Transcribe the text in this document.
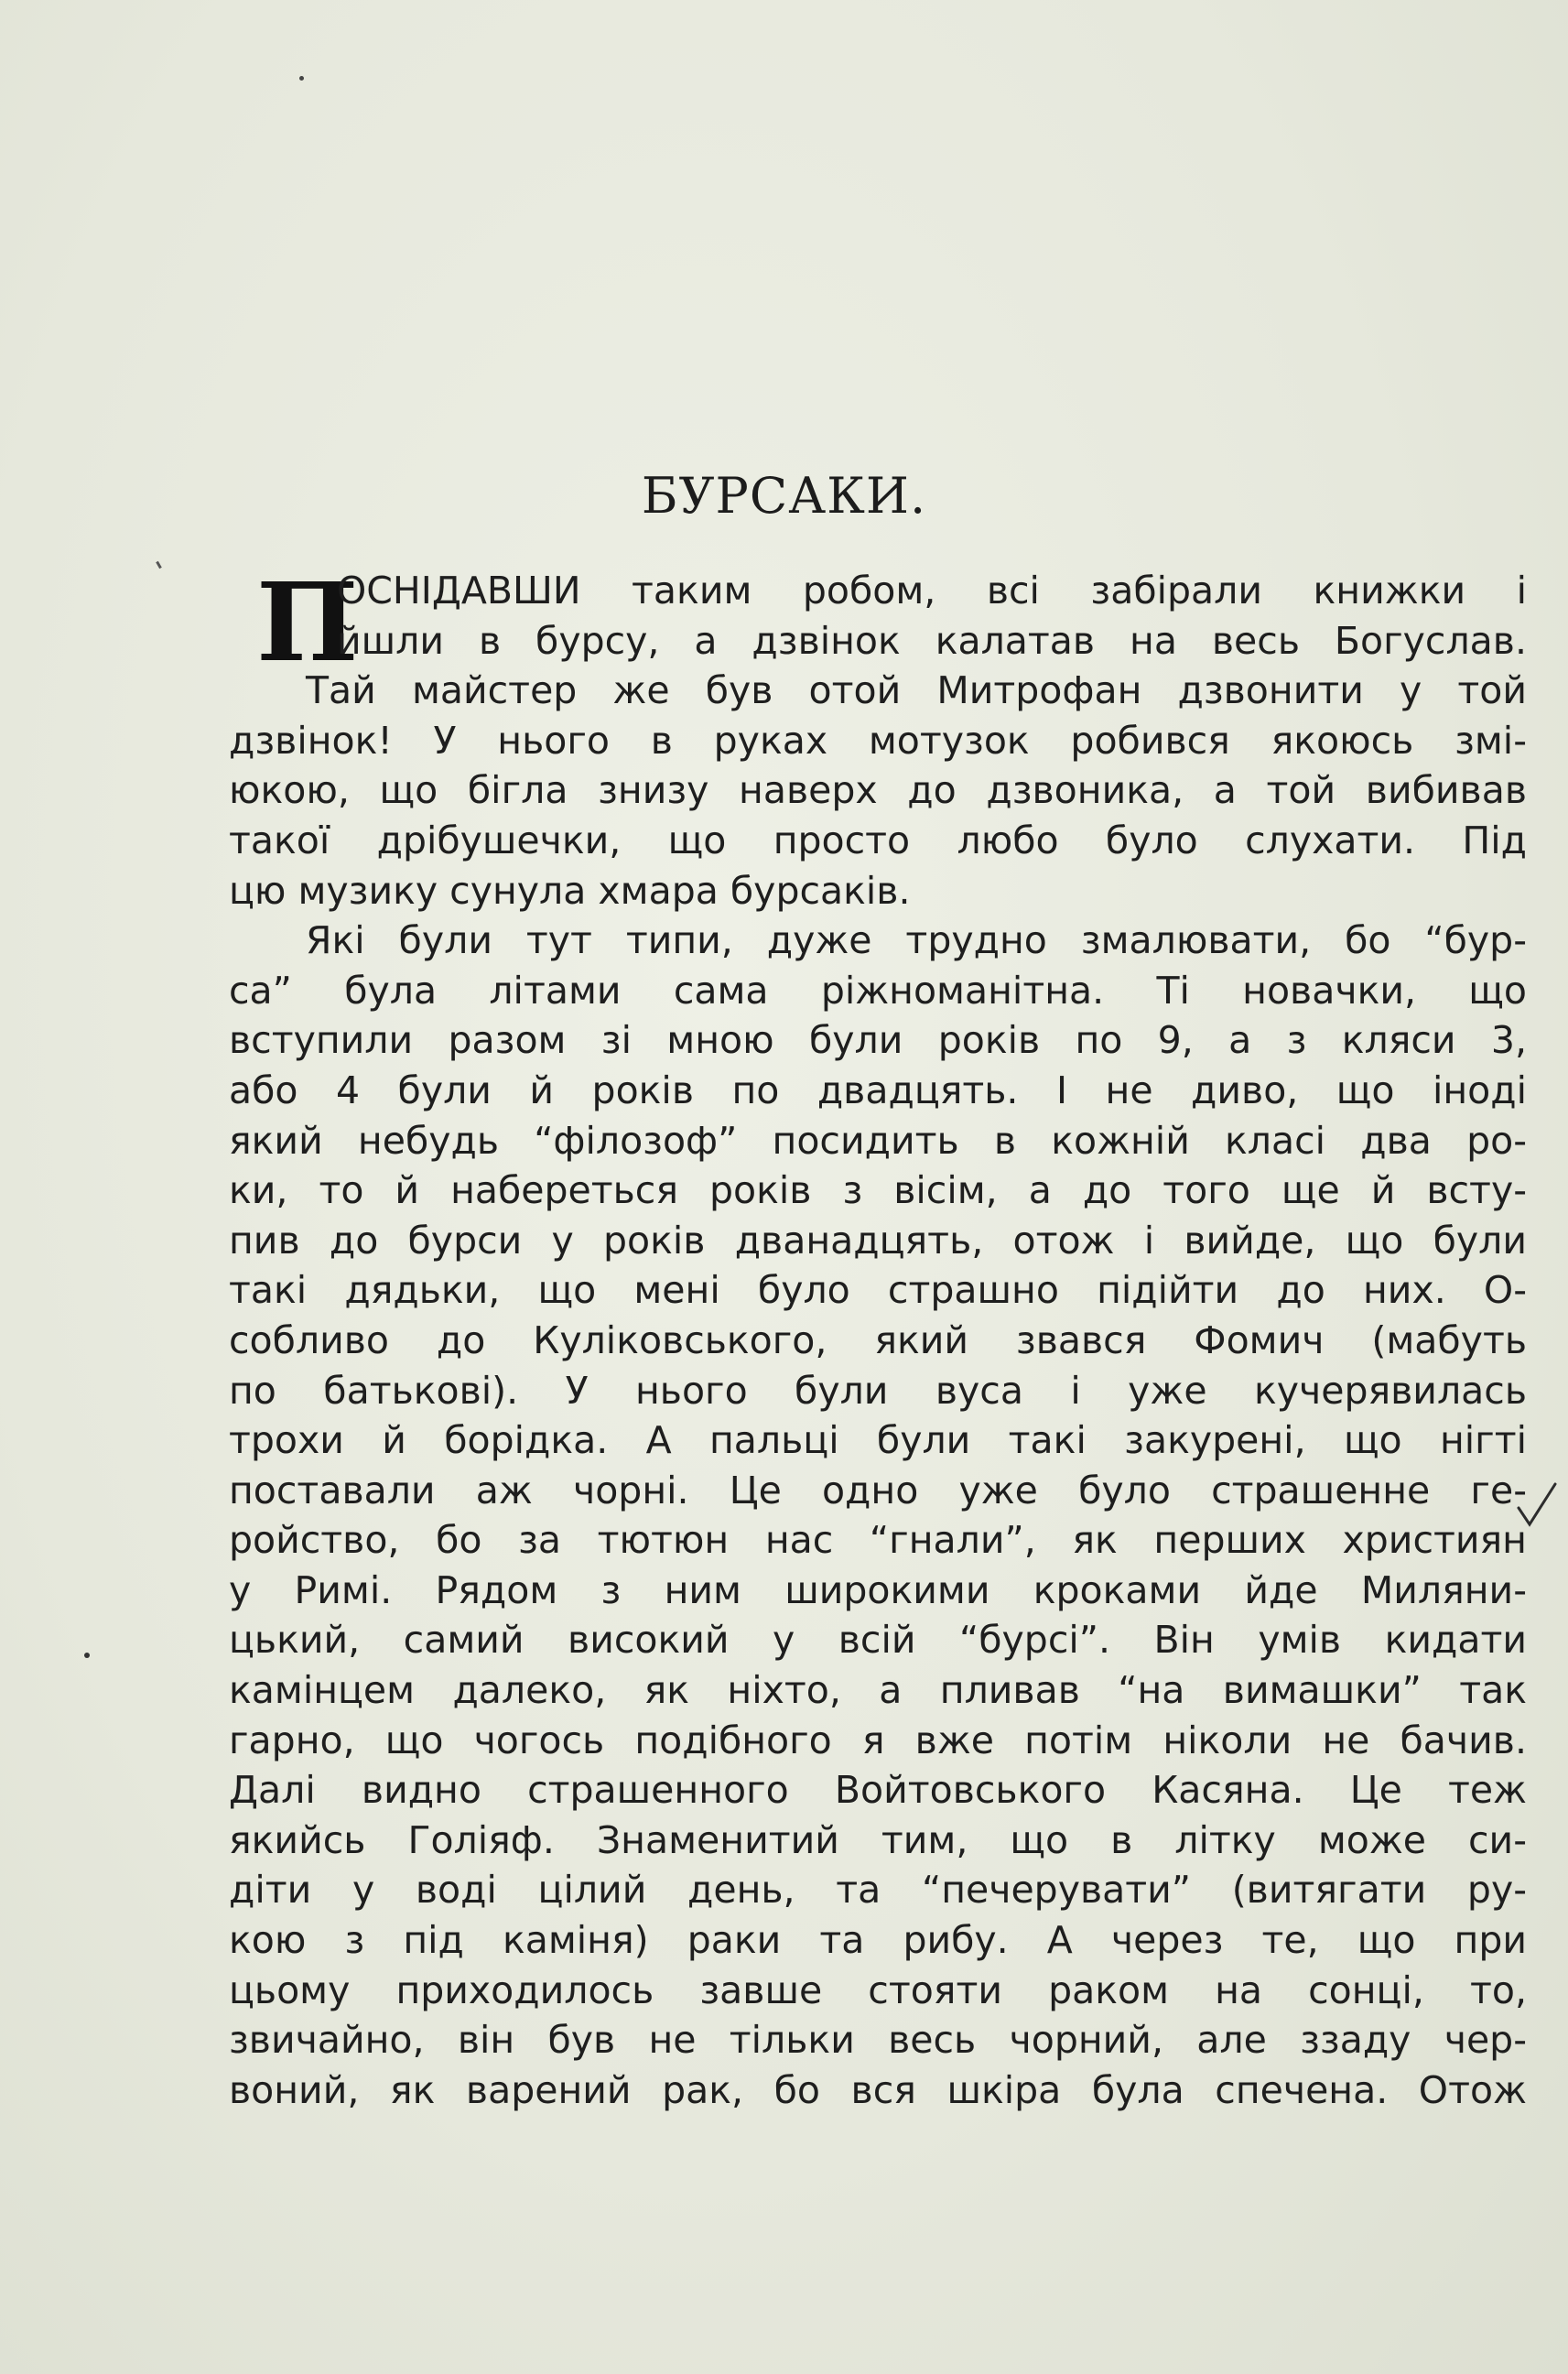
БУРСАКИ.
П
ОСНІДАВШИ таким робом, всі забірали книжки і
йшли в бурсу, а дзвінок калатав на весь Богуслав.
Тай майстер же був отой Митрофан дзвонити у той
дзвінок! У нього в руках мотузок робився якоюсь змі-
юкою, що бігла знизу наверх до дзвоника, а той вибивав
такої дрібушечки, що просто любо було слухати. Під
цю музику сунула хмара бурсаків.
Які були тут типи, дуже трудно змалювати, бо “бур-
са” була літами сама ріжноманітна. Ті новачки, що
вступили разом зі мною були років по 9, а з кляси 3,
або 4 були й років по двадцять. І не диво, що іноді
який небудь “філозоф” посидить в кожній класі два ро-
ки, то й набереться років з вісім, а до того ще й всту-
пив до бурси у років дванадцять, отож і вийде, що були
такі дядьки, що мені було страшно підійти до них. О-
собливо до Куліковського, який звався Фомич (мабуть
по батькові). У нього були вуса і уже кучерявилась
трохи й борідка. А пальці були такі закурені, що нігті
поставали аж чорні. Це одно уже було страшенне ге-
ройство, бо за тютюн нас “гнали”, як перших християн
у Римі. Рядом з ним широкими кроками йде Миляни-
цький, самий високий у всій “бурсі”. Він умів кидати
камінцем далеко, як ніхто, а пливав “на вимашки” так
гарно, що чогось подібного я вже потім ніколи не бачив.
Далі видно страшенного Войтовського Касяна. Це теж
якийсь Голіяф. Знаменитий тим, що в літку може си-
діти у воді цілий день, та “печерувати” (витягати ру-
кою з під каміня) раки та рибу. А через те, що при
цьому приходилось завше стояти раком на сонці, то,
звичайно, він був не тільки весь чорний, але ззаду чер-
воний, як варений рак, бо вся шкіра була спечена. Отож
